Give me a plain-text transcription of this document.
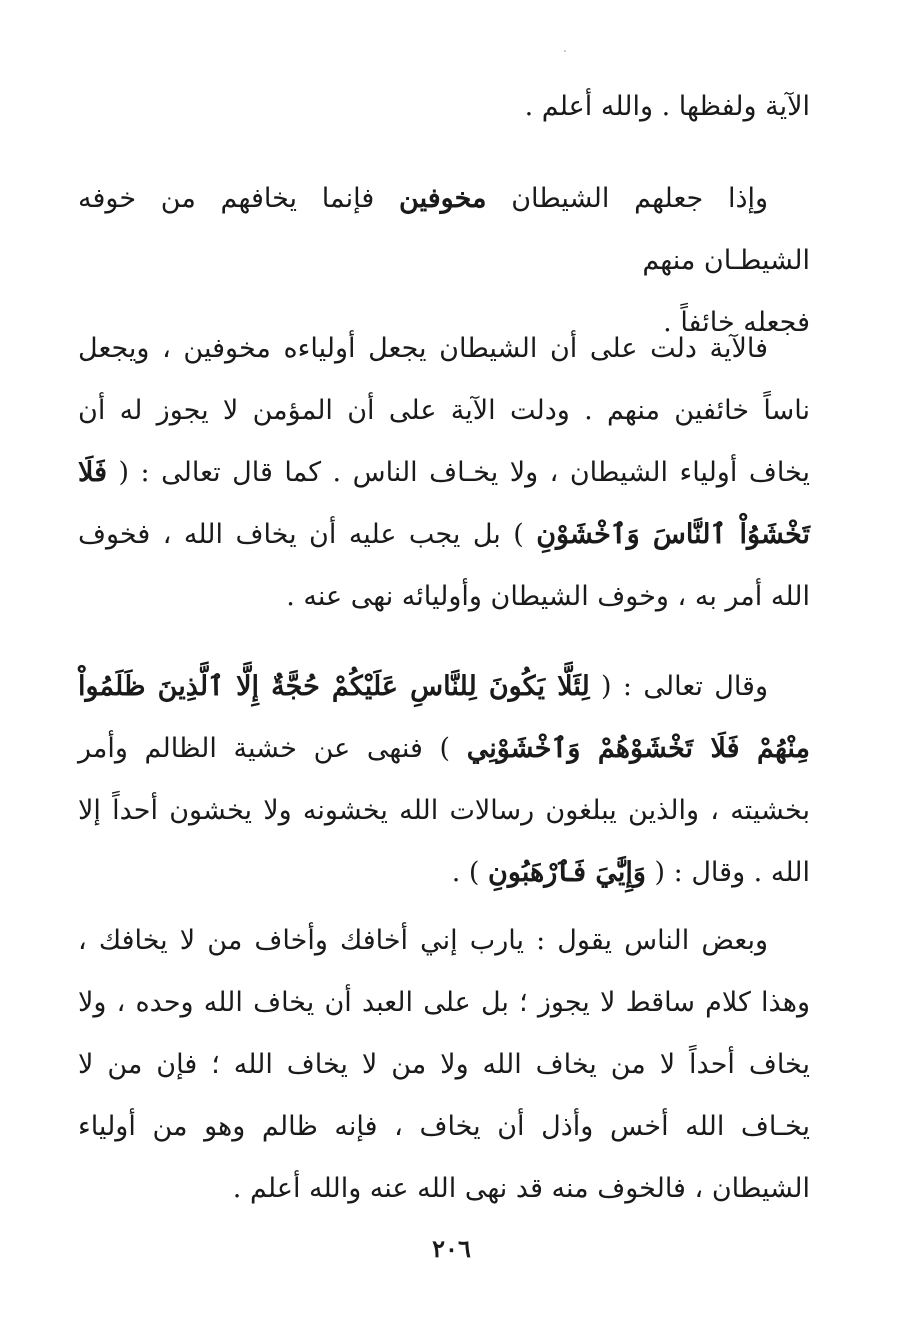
الآية ولفظها . والله أعلم .

وإذا جعلهم الشيطان مخوفين فإنما يخافهم من خوفه الشيطـان منهم

فجعله خائفاً .

فالآية دلت على أن الشيطان يجعل أولياءه مخوفين ، ويجعل ناساً خائفين منهم . ودلت الآية على أن المؤمن لا يجوز له أن يخاف أولياء الشيطان ، ولا يخـاف الناس . كما قال تعالى : ( فَلَا تَخْشَوُاْ ٱلنَّاسَ وَٱخْشَوْنِ ) بل يجب عليه أن يخاف الله ، فخوف الله أمر به ، وخوف الشيطان وأوليائه نهى عنه .

وقال تعالى : ( لِئَلَّا يَكُونَ لِلنَّاسِ عَلَيْكُمْ حُجَّةٌ إِلَّا ٱلَّذِينَ ظَلَمُواْ مِنْهُمْ فَلَا تَخْشَوْهُمْ وَٱخْشَوْنِي ) فنهى عن خشية الظالم وأمر بخشيته ، والذين يبلغون رسالات الله يخشونه ولا يخشون أحداً إلا الله . وقال : ( وَإِيَّٰيَ فَٱرْهَبُونِ ) .

وبعض الناس يقول : يارب إني أخافك وأخاف من لا يخافك ، وهذا كلام ساقط لا يجوز ؛ بل على العبد أن يخاف الله وحده ، ولا يخاف أحداً لا من يخاف الله ولا من لا يخاف الله ؛ فإن من لا يخـاف الله أخس وأذل أن يخاف ، فإنه ظالم وهو من أولياء الشيطان ، فالخوف منه قد نهى الله عنه والله أعلم .

٢٠٦
